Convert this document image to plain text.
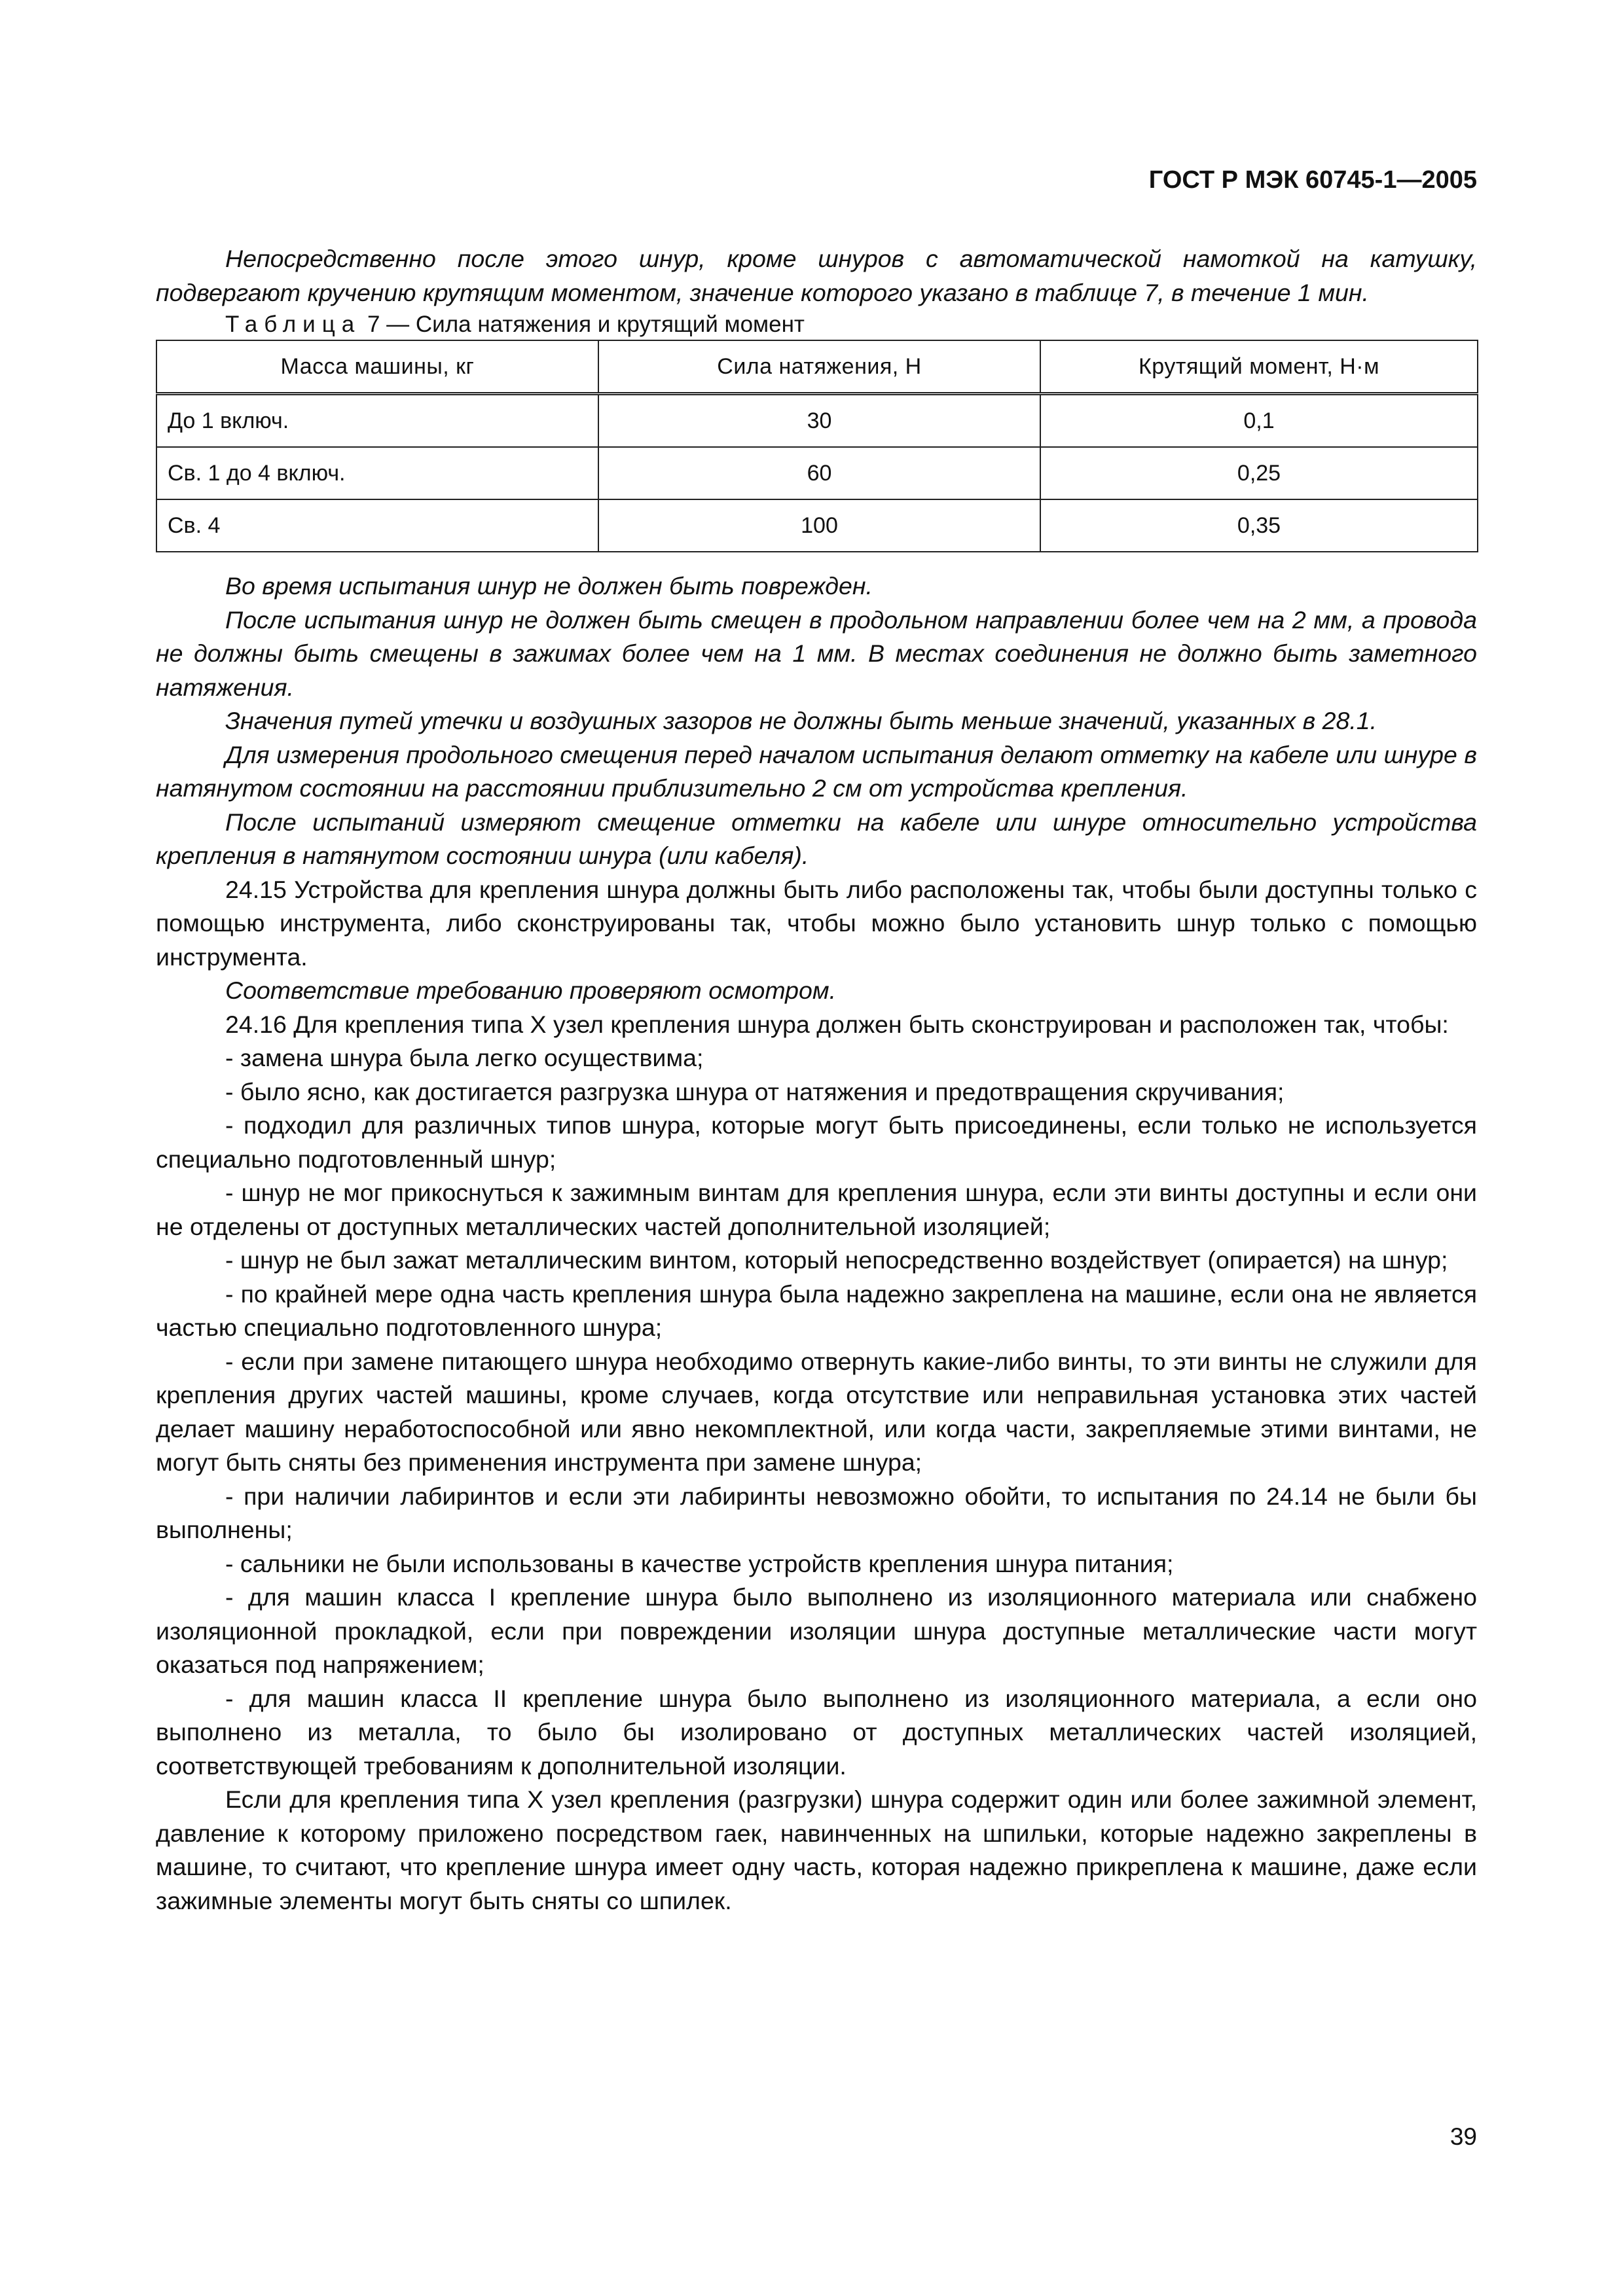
ГОСТ Р МЭК 60745-1—2005

Непосредственно после этого шнур, кроме шнуров с автоматической намоткой на катушку, подвергают кручению крутящим моментом, значение которого указано в таблице 7, в течение 1 мин.

Таблица 7 — Сила натяжения и крутящий момент

Масса машины, кг	Сила натяжения, Н	Крутящий момент, Н·м
До 1 включ.	30	0,1
Св. 1 до 4 включ.	60	0,25
Св. 4	100	0,35

Во время испытания шнур не должен быть поврежден.

После испытания шнур не должен быть смещен в продольном направлении более чем на 2 мм, а провода не должны быть смещены в зажимах более чем на 1 мм. В местах соединения не должно быть заметного натяжения.

Значения путей утечки и воздушных зазоров не должны быть меньше значений, указанных в 28.1.

Для измерения продольного смещения перед началом испытания делают отметку на кабеле или шнуре в натянутом состоянии на расстоянии приблизительно 2 см от устройства крепления.

После испытаний измеряют смещение отметки на кабеле или шнуре относительно устройства крепления в натянутом состоянии шнура (или кабеля).

24.15 Устройства для крепления шнура должны быть либо расположены так, чтобы были доступны только с помощью инструмента, либо сконструированы так, чтобы можно было установить шнур только с помощью инструмента.

Соответствие требованию проверяют осмотром.

24.16 Для крепления типа X узел крепления шнура должен быть сконструирован и расположен так, чтобы:

- замена шнура была легко осуществима;

- было ясно, как достигается разгрузка шнура от натяжения и предотвращения скручивания;

- подходил для различных типов шнура, которые могут быть присоединены, если только не используется специально подготовленный шнур;

- шнур не мог прикоснуться к зажимным винтам для крепления шнура, если эти винты доступны и если они не отделены от доступных металлических частей дополнительной изоляцией;

- шнур не был зажат металлическим винтом, который непосредственно воздействует (опирается) на шнур;

- по крайней мере одна часть крепления шнура была надежно закреплена на машине, если она не является частью специально подготовленного шнура;

- если при замене питающего шнура необходимо отвернуть какие-либо винты, то эти винты не служили для крепления других частей машины, кроме случаев, когда отсутствие или неправильная установка этих частей делает машину неработоспособной или явно некомплектной, или когда части, закрепляемые этими винтами, не могут быть сняты без применения инструмента при замене шнура;

- при наличии лабиринтов и если эти лабиринты невозможно обойти, то испытания по 24.14 не были бы выполнены;

- сальники не были использованы в качестве устройств крепления шнура питания;

- для машин класса I крепление шнура было выполнено из изоляционного материала или снабжено изоляционной прокладкой, если при повреждении изоляции шнура доступные металлические части могут оказаться под напряжением;

- для машин класса II крепление шнура было выполнено из изоляционного материала, а если оно выполнено из металла, то было бы изолировано от доступных металлических частей изоляцией, соответствующей требованиям к дополнительной изоляции.

Если для крепления типа X узел крепления (разгрузки) шнура содержит один или более зажимной элемент, давление к которому приложено посредством гаек, навинченных на шпильки, которые надежно закреплены в машине, то считают, что крепление шнура имеет одну часть, которая надежно прикреплена к машине, даже если зажимные элементы могут быть сняты со шпилек.

39
